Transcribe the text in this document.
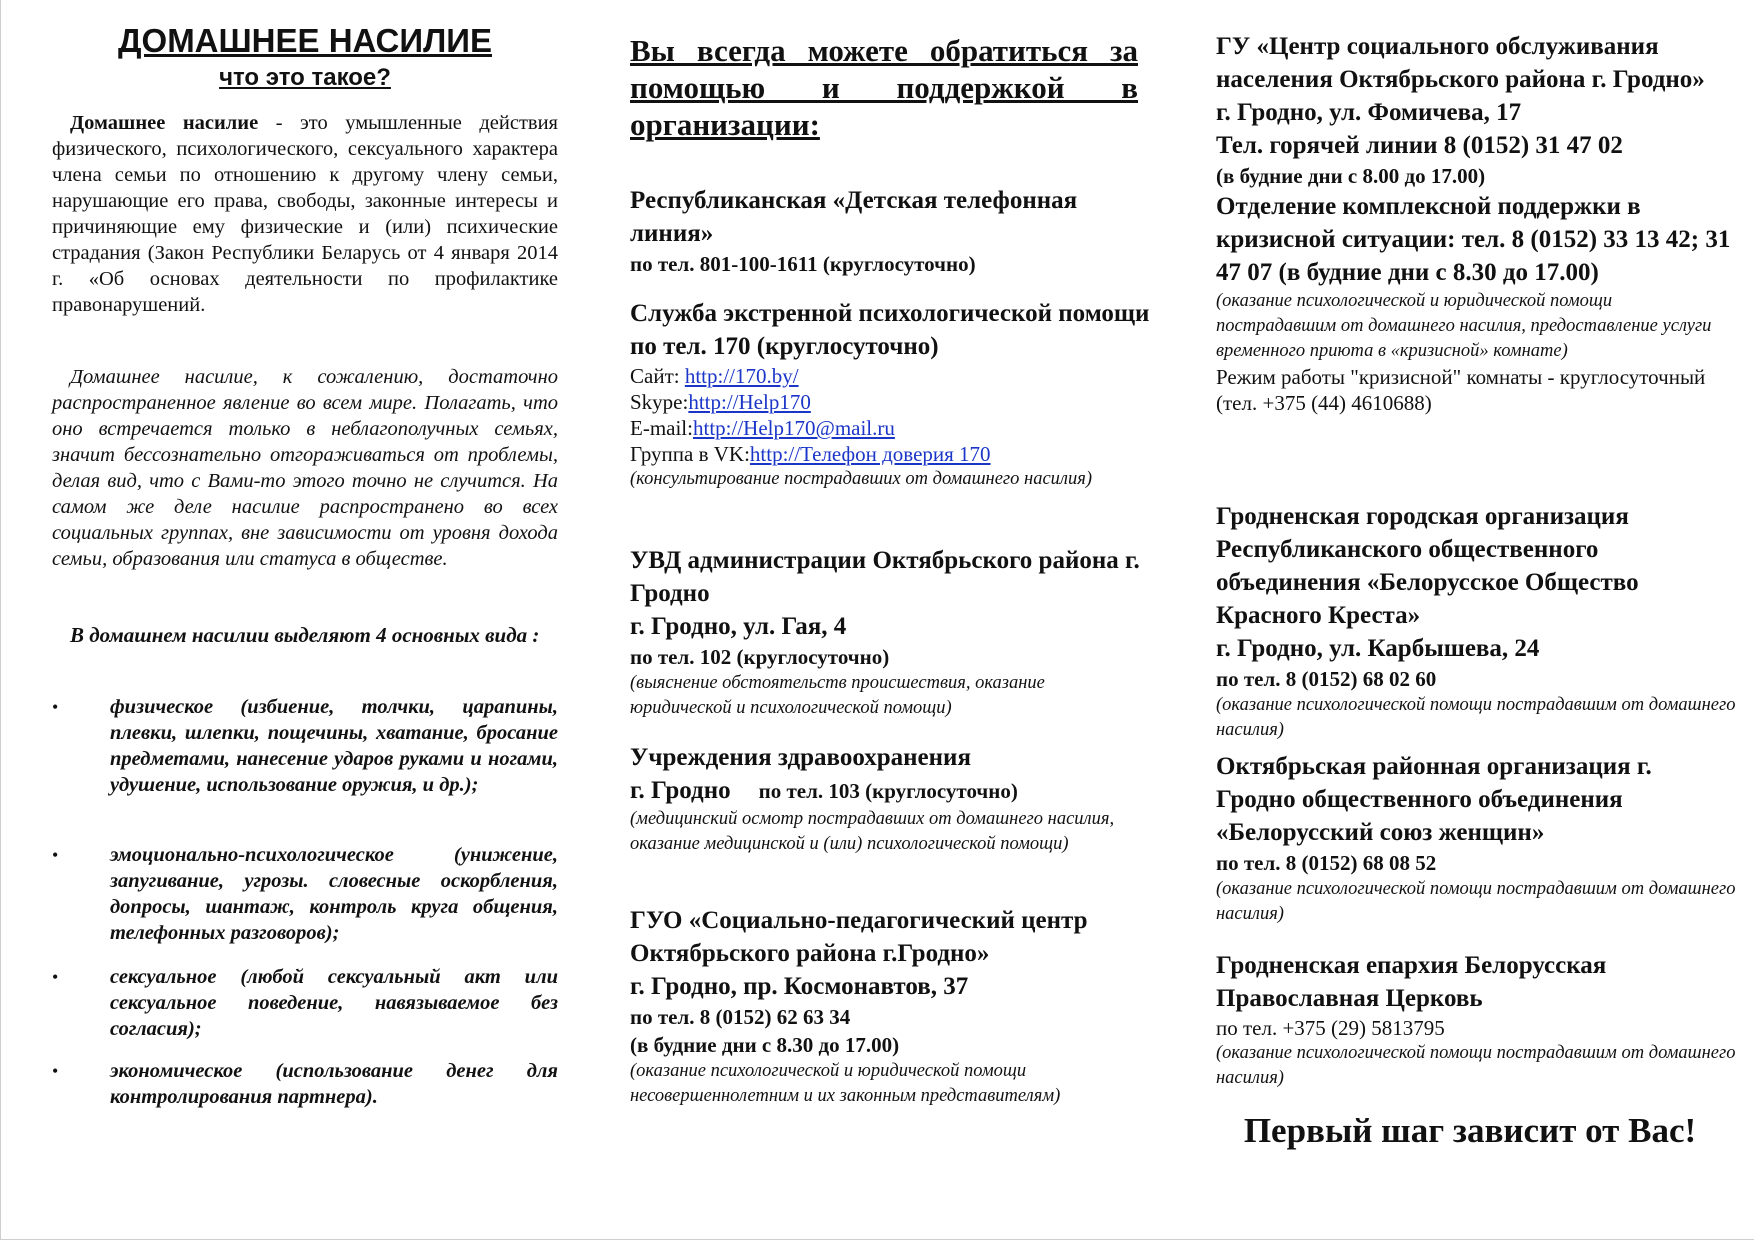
ДОМАШНЕЕ НАСИЛИЕ
что это такое?
Домашнее насилие - это умышленные действия физического, психологического, сексуального характера члена семьи по отношению к другому члену семьи, нарушающие его права, свободы, законные интересы и причиняющие ему физические и (или) психические страдания (Закон Республики Беларусь от 4 января 2014 г. «Об основах деятельности по профилактике правонарушений.
Домашнее насилие, к сожалению, достаточно распространенное явление во всем мире. Полагать, что оно встречается только в неблагополучных семьях, значит бессознательно отгораживаться от проблемы, делая вид, что с Вами-то этого точно не случится. На самом же деле насилие распространено во всех социальных группах, вне зависимости от уровня дохода семьи, образования или статуса в обществе.
В домашнем насилии выделяют 4 основных вида :
•	физическое (избиение, толчки, царапины, плевки, шлепки, пощечины, хватание, бросание предметами, нанесение ударов руками и ногами, удушение, использование оружия, и др.);
•	эмоционально-психологическое (унижение, запугивание, угрозы. словесные оскорбления, допросы, шантаж, контроль круга общения, телефонных разговоров);
•	сексуальное (любой сексуальный акт или сексуальное поведение, навязываемое без согласия);
•	экономическое (использование денег для контролирования партнера).
Вы всегда можете обратиться за помощью и поддержкой в организации:
Республиканская «Детская телефонная линия»
по тел. 801-100-1611 (круглосуточно)
Служба экстренной психологической помощи по тел. 170 (круглосуточно)
Сайт: http://170.by/
Skype:http://Help170
E-mail:http://Help170@mail.ru
Группа в VK:http://Телефон доверия 170
(консультирование пострадавших от домашнего насилия)
УВД администрации Октябрьского района г. Гродно
г. Гродно, ул. Гая, 4
по тел. 102 (круглосуточно)
(выяснение обстоятельств происшествия, оказание юридической и психологической помощи)
Учреждения здравоохранения
г. Гродно по тел. 103 (круглосуточно)
(медицинский осмотр пострадавших от домашнего насилия, оказание медицинской и (или) психологической помощи)
ГУО «Социально-педагогический центр Октябрьского района г.Гродно»
г. Гродно, пр. Космонавтов, 37
по тел. 8 (0152) 62 63 34
(в будние дни с 8.30 до 17.00)
(оказание психологической и юридической помощи несовершеннолетним и их законным представителям)
ГУ «Центр социального обслуживания населения Октябрьского района г. Гродно»
г. Гродно, ул. Фомичева, 17
Тел. горячей линии 8 (0152) 31 47 02
(в будние дни с 8.00 до 17.00)
Отделение комплексной поддержки в кризисной ситуации: тел. 8 (0152) 33 13 42; 31 47 07 (в будние дни с 8.30 до 17.00)
(оказание психологической и юридической помощи пострадавшим от домашнего насилия, предоставление услуги временного приюта в «кризисной» комнате)
Режим работы "кризисной" комнаты - круглосуточный (тел. +375 (44) 4610688)
Гродненская городская организация Республиканского общественного объединения «Белорусское Общество Красного Креста»
г. Гродно, ул. Карбышева, 24
по тел. 8 (0152) 68 02 60
(оказание психологической помощи пострадавшим от домашнего насилия)
Октябрьская районная организация г. Гродно общественного объединения «Белорусский союз женщин»
по тел. 8 (0152) 68 08 52
(оказание психологической помощи пострадавшим от домашнего насилия)
Гродненская епархия Белорусская Православная Церковь
по тел. +375 (29) 5813795
(оказание психологической помощи пострадавшим от домашнего насилия)
Первый шаг зависит от Вас!
